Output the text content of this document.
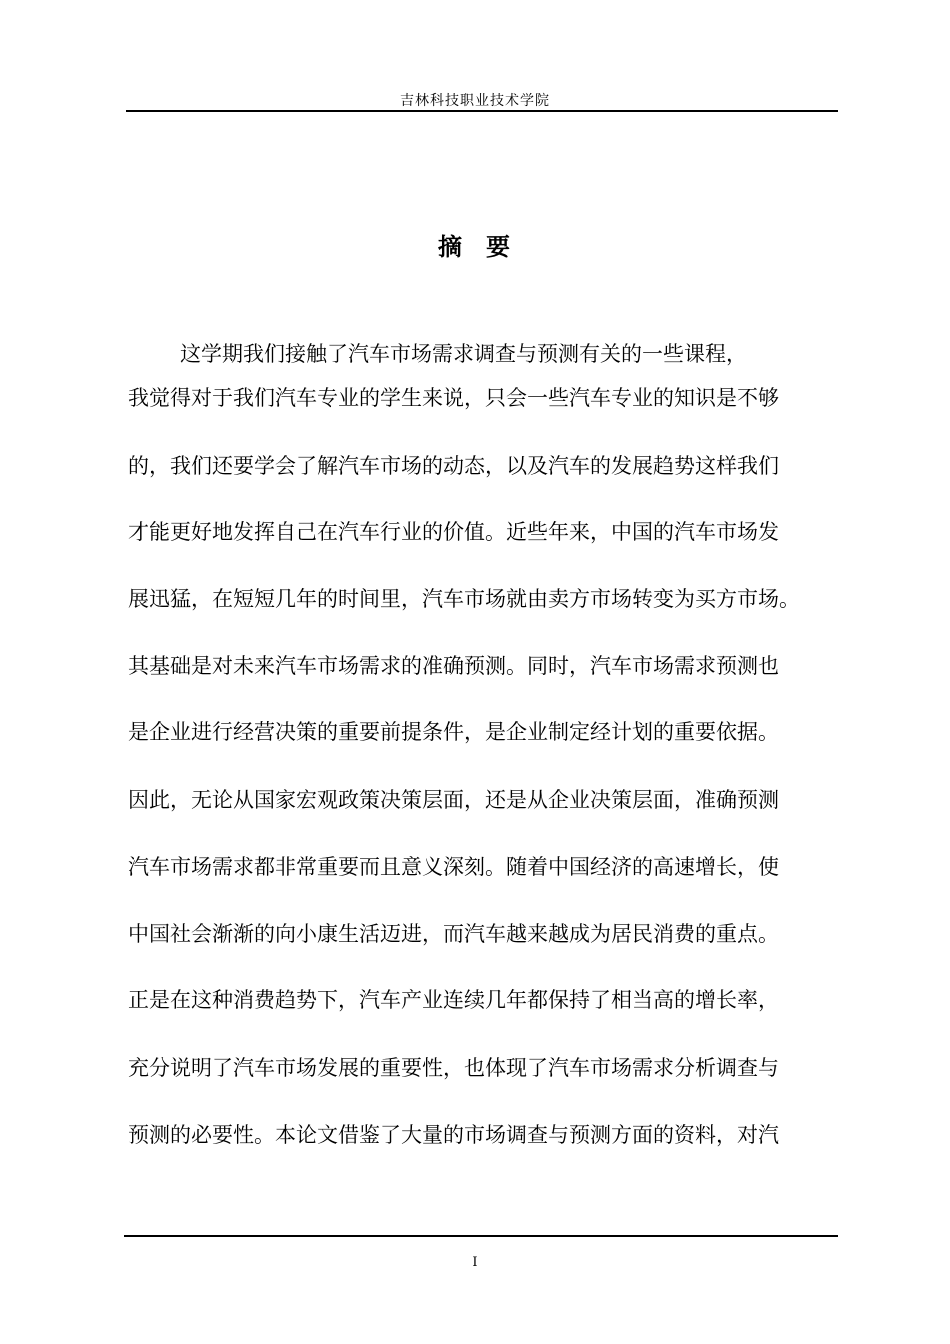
吉林科技职业技术学院
摘 要
这学期我们接触了汽车市场需求调查与预测有关的一些课程，
我觉得对于我们汽车专业的学生来说，只会一些汽车专业的知识是不够
的，我们还要学会了解汽车市场的动态，以及汽车的发展趋势这样我们
才能更好地发挥自己在汽车行业的价值。近些年来，中国的汽车市场发
展迅猛，在短短几年的时间里，汽车市场就由卖方市场转变为买方市场。
其基础是对未来汽车市场需求的准确预测。同时，汽车市场需求预测也
是企业进行经营决策的重要前提条件，是企业制定经计划的重要依据。
因此，无论从国家宏观政策决策层面，还是从企业决策层面，准确预测
汽车市场需求都非常重要而且意义深刻。随着中国经济的高速增长，使
中国社会渐渐的向小康生活迈进，而汽车越来越成为居民消费的重点。
正是在这种消费趋势下，汽车产业连续几年都保持了相当高的增长率，
充分说明了汽车市场发展的重要性，也体现了汽车市场需求分析调查与
预测的必要性。本论文借鉴了大量的市场调查与预测方面的资料，对汽
I
